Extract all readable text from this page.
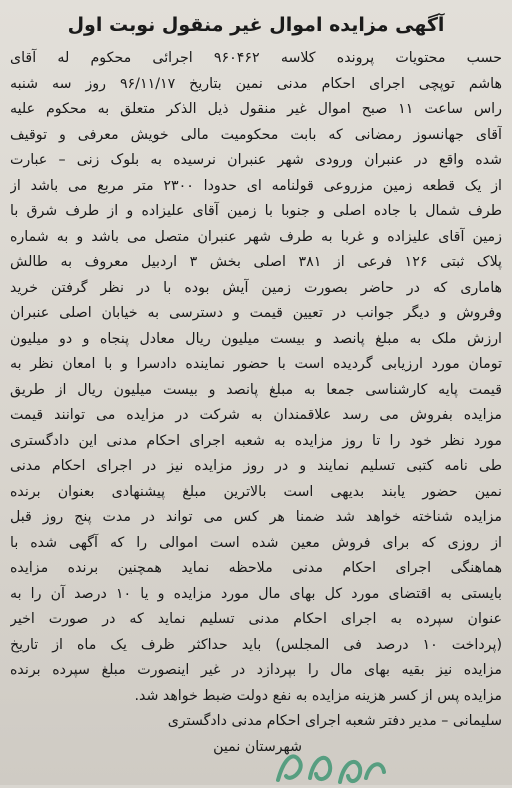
آگهی مزایده اموال غیر منقول نوبت اول
حسب محتویات پرونده کلاسه ۹۶۰۴۶۲ اجرائی محکوم له آقای
هاشم توپچی اجرای احکام مدنی نمین بتاریخ ۹۶/۱۱/۱۷ روز سه شنبه
راس ساعت ۱۱ صبح اموال غیر منقول ذیل الذکر متعلق به محکوم علیه
آقای جهانسوز رمضانی که بابت محکومیت مالی خویش معرفی و توقیف
شده واقع در عنبران ورودی شهر عنبران نرسیده به بلوک زنی – عبارت
از یک قطعه زمین مزروعی قولنامه ای حدودا ۲۳۰۰ متر مربع می باشد از
طرف شمال با جاده اصلی و جنوبا با زمین آقای علیزاده و از طرف شرق با
زمین آقای علیزاده و غربا به طرف شهر عنبران متصل می باشد و به شماره
پلاک ثبتی ۱۲۶ فرعی از ۳۸۱ اصلی بخش ۳ اردبیل معروف به طالش
هاماری که در حاضر بصورت زمین آیش بوده با در نظر گرفتن خرید
وفروش و دیگر جوانب در تعیین قیمت و دسترسی به خیابان اصلی عنبران
ارزش ملک به مبلغ پانصد و بیست میلیون ریال معادل پنجاه و دو میلیون
تومان مورد ارزیابی گردیده است با حضور نماینده دادسرا و با امعان نظر به
قیمت پایه کارشناسی جمعا به مبلغ پانصد و بیست میلیون ریال از طریق
مزایده بفروش می رسد علاقمندان به شرکت در مزایده می توانند قیمت
مورد نظر خود را تا روز مزایده به شعبه اجرای احکام مدنی این دادگستری
طی نامه کتبی تسلیم نمایند و در روز مزایده نیز در اجرای احکام مدنی
نمین حضور یابند بدیهی است بالاترین مبلغ پیشنهادی بعنوان برنده
مزایده شناخته خواهد شد ضمنا هر کس می تواند در مدت پنج روز قبل
از روزی که برای فروش معین شده است اموالی را که آگهی شده با
هماهنگی اجرای احکام مدنی ملاحظه نماید همچنین برنده مزایده
بایستی به اقتضای مورد کل بهای مال مورد مزایده و یا ۱۰ درصد آن را به
عنوان سپرده به اجرای احکام مدنی تسلیم نماید که در صورت اخیر
(پرداخت ۱۰ درصد فی المجلس) باید حداکثر ظرف یک ماه از تاریخ
مزایده نیز بقیه بهای مال را بپردازد در غیر اینصورت مبلغ سپرده برنده
مزایده پس از کسر هزینه مزایده به نفع دولت ضبط خواهد شد.
سلیمانی – مدیر دفتر شعبه اجرای احکام مدنی دادگستری
شهرستان نمین
